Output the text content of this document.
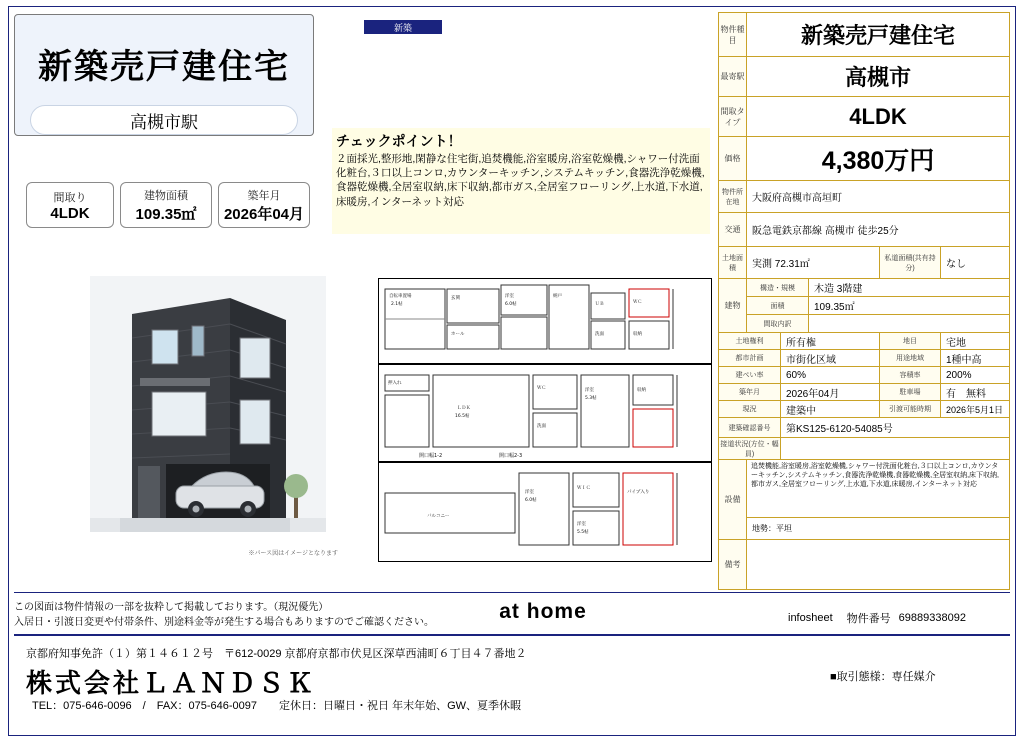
新築売戸建住宅
高槻市駅
間取り
4LDK
建物面積
109.35㎡
築年月
2026年04月
※パース図はイメージとなります
新築
チェックポイント！
２面採光,整形地,閑静な住宅街,追焚機能,浴室暖房,浴室乾燥機,シャワー付洗面化粧台,３口以上コンロ,カウンターキッチン,システムキッチン,食器洗浄乾燥機,食器乾燥機,全居室収納,床下収納,都市ガス,全居室フローリング,上水道,下水道,床暖房,インターネット対応
自転車置場
2.1帖
玄関
ホール
洋室
6.0帖
納戸
ＵＢ
洗面
ＷＣ
収納
押入れ
ＬＤＫ
16.5帖
ＷＣ
洗面
洋室
5.3帖
収納
開口幅1-2	開口幅2-3
バルコニー
洋室
6.0帖
ＷＩＣ
洋室
5.5帖
パイプ入り
物件種目	新築売戸建住宅
最寄駅	高槻市
間取タイプ	4LDK
価格	4,380万円
物件所在地	大阪府高槻市高垣町
交通	阪急電鉄京都線 高槻市 徒歩25分
土地面積	実測 72.31㎡
私道面積(共有持分)	なし
建物
構造・規模	木造 3階建
面積	109.35㎡
間取内訳
土地権利	所有権	地目	宅地
都市計画	市街化区域	用途地域	1種中高
建ぺい率	60%	容積率	200%
築年月	2026年04月	駐車場	有　無料
現況	建築中	引渡可能時期	2026年5月1日
建築確認番号	第KS125-6120-54085号
接道状況(方位・幅員)
設備
追焚機能,浴室暖房,浴室乾燥機,シャワー付洗面化粧台,３口以上コンロ,カウンターキッチン,システムキッチン,食器洗浄乾燥機,食器乾燥機,全居室収納,床下収納,都市ガス,全居室フローリング,上水道,下水道,床暖房,インターネット対応
地勢：平坦
備考
この図面は物件情報の一部を抜粋して掲載しております。（現況優先）
入居日・引渡日変更や付帯条件、別途料金等が発生する場合もありますのでご確認ください。	at home	infosheet 物件番号 69889338092
京都府知事免許（１）第１４６１２号　〒612-0029 京都府京都市伏見区深草西浦町６丁目４７番地２
株式会社ＬＡＮＤＳＫ
TEL：075-646-0096　/　FAX：075-646-0097　　定休日：日曜日・祝日 年末年始、GW、夏季休暇
■取引態様：専任媒介
